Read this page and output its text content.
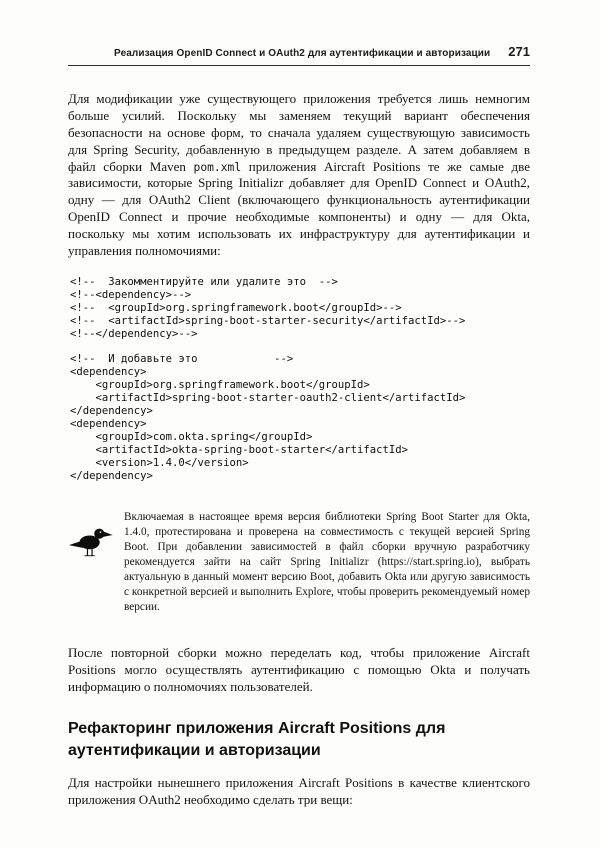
Реализация OpenID Connect и OAuth2 для аутентификации и авторизации 271

Для модификации уже существующего приложения требуется лишь немногим больше усилий. Поскольку мы заменяем текущий вариант обеспечения безопасности на основе форм, то сначала удаляем существующую зависимость для Spring Security, добавленную в предыдущем разделе. А затем добавляем в файл сборки Maven pom.xml приложения Aircraft Positions те же самые две зависимости, которые Spring Initializr добавляет для OpenID Connect и OAuth2, одну — для OAuth2 Client (включающего функциональность аутентификации OpenID Connect и прочие необходимые компоненты) и одну — для Okta, поскольку мы хотим использовать их инфраструктуру для аутентификации и управления полномочиями:

<!--  Закомментируйте или удалите это  -->
<!--<dependency>-->
<!--  <groupId>org.springframework.boot</groupId>-->
<!--  <artifactId>spring-boot-starter-security</artifactId>-->
<!--</dependency>-->
<!--  И добавьте это            -->
<dependency>
<groupId>org.springframework.boot</groupId>
<artifactId>spring-boot-starter-oauth2-client</artifactId>
</dependency>
<dependency>
<groupId>com.okta.spring</groupId>
<artifactId>okta-spring-boot-starter</artifactId>
<version>1.4.0</version>
</dependency>

Включаемая в настоящее время версия библиотеки Spring Boot Starter для Okta, 1.4.0, протестирована и проверена на совместимость с текущей версией Spring Boot. При добавлении зависимостей в файл сборки вручную разработчику рекомендуется зайти на сайт Spring Initializr (https://start.spring.io), выбрать актуальную в данный момент версию Boot, добавить Okta или другую зависимость с конкретной версией и выполнить Explore, чтобы проверить рекомендуемый номер версии.

После повторной сборки можно переделать код, чтобы приложение Aircraft Positions могло осуществлять аутентификацию с помощью Okta и получать информацию о полномочиях пользователей.

Рефакторинг приложения Aircraft Positions для аутентификации и авторизации

Для настройки нынешнего приложения Aircraft Positions в качестве клиентского приложения OAuth2 необходимо сделать три вещи:
